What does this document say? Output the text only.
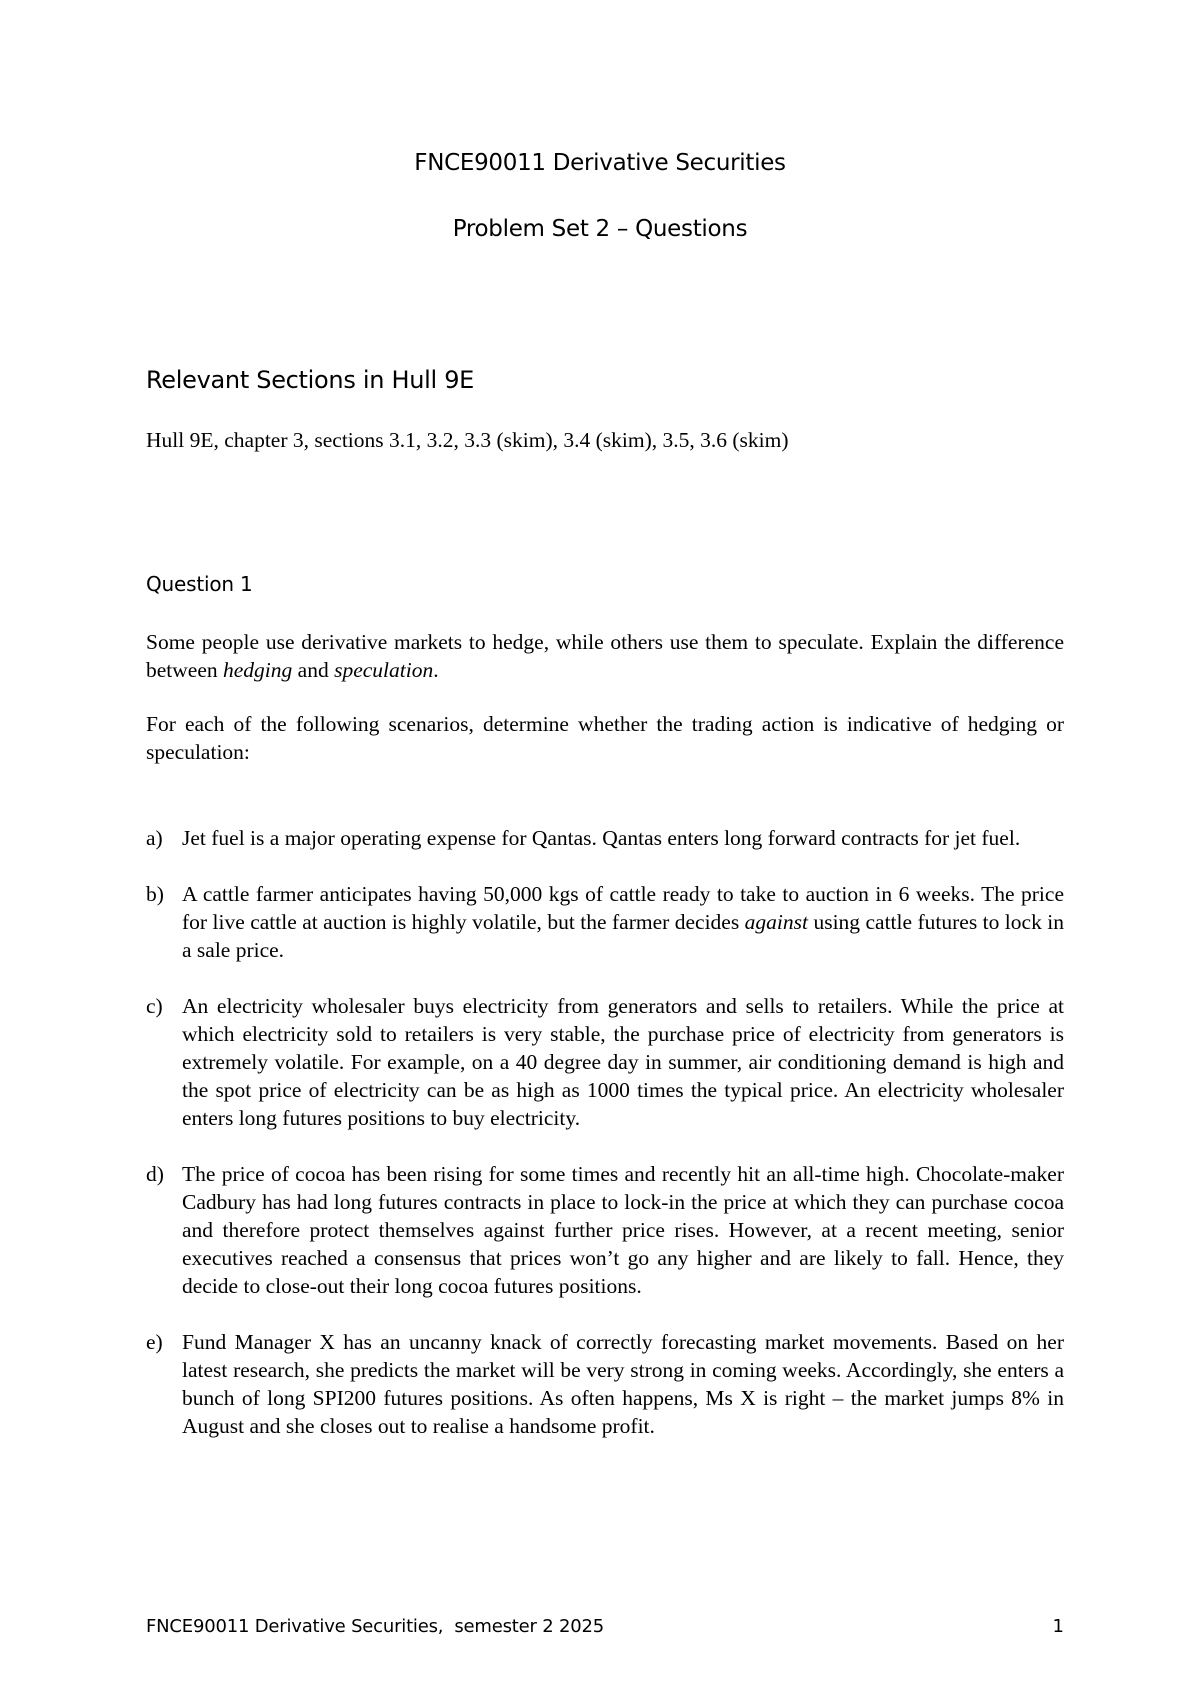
FNCE90011 Derivative Securities
Problem Set 2 – Questions
Relevant Sections in Hull 9E

Hull 9E, chapter 3, sections 3.1, 3.2, 3.3 (skim), 3.4 (skim), 3.5, 3.6 (skim)

Question 1

Some people use derivative markets to hedge, while others use them to speculate. Explain the difference between hedging and speculation.

For each of the following scenarios, determine whether the trading action is indicative of hedging or speculation:

a) Jet fuel is a major operating expense for Qantas. Qantas enters long forward contracts for jet fuel.
b) A cattle farmer anticipates having 50,000 kgs of cattle ready to take to auction in 6 weeks. The price for live cattle at auction is highly volatile, but the farmer decides against using cattle futures to lock in a sale price.
c) An electricity wholesaler buys electricity from generators and sells to retailers. While the price at which electricity sold to retailers is very stable, the purchase price of electricity from generators is extremely volatile. For example, on a 40 degree day in summer, air conditioning demand is high and the spot price of electricity can be as high as 1000 times the typical price. An electricity wholesaler enters long futures positions to buy electricity.
d) The price of cocoa has been rising for some times and recently hit an all-time high. Chocolate-maker Cadbury has had long futures contracts in place to lock-in the price at which they can purchase cocoa and therefore protect themselves against further price rises. However, at a recent meeting, senior executives reached a consensus that prices won’t go any higher and are likely to fall. Hence, they decide to close-out their long cocoa futures positions.
e) Fund Manager X has an uncanny knack of correctly forecasting market movements. Based on her latest research, she predicts the market will be very strong in coming weeks. Accordingly, she enters a bunch of long SPI200 futures positions. As often happens, Ms X is right – the market jumps 8% in August and she closes out to realise a handsome profit.
FNCE90011 Derivative Securities,  semester 2 2025	1
